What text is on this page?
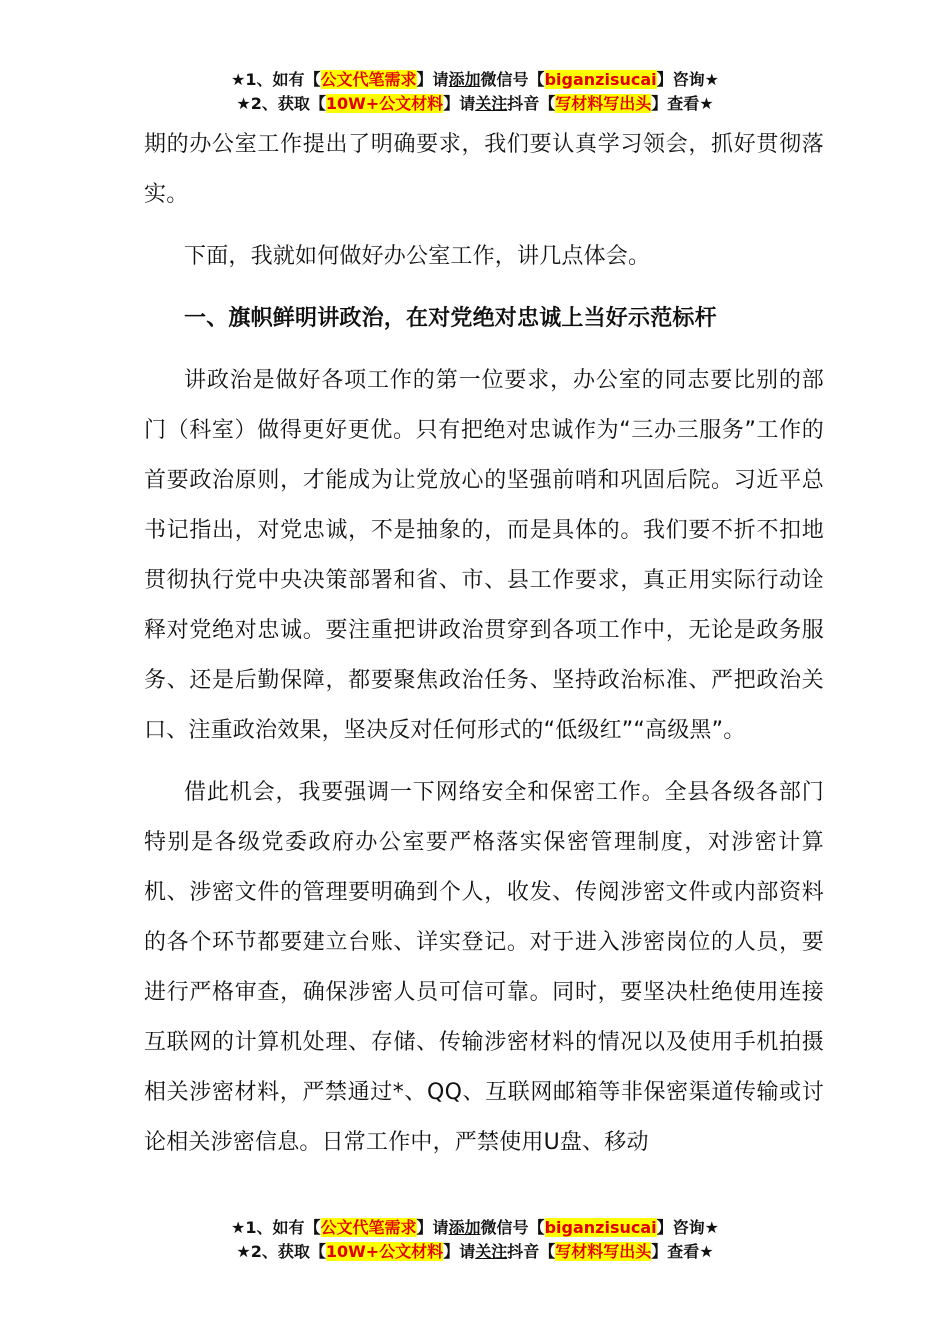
★1、如有【公文代笔需求】请添加微信号【biganzisucai】咨询★
★2、获取【10W+公文材料】请关注抖音【写材料写出头】查看★

期的办公室工作提出了明确要求，我们要认真学习领会，抓好贯彻落实。

下面，我就如何做好办公室工作，讲几点体会。

一、旗帜鲜明讲政治，在对党绝对忠诚上当好示范标杆

讲政治是做好各项工作的第一位要求，办公室的同志要比别的部门（科室）做得更好更优。只有把绝对忠诚作为“三办三服务”工作的首要政治原则，才能成为让党放心的坚强前哨和巩固后院。习近平总书记指出，对党忠诚，不是抽象的，而是具体的。我们要不折不扣地贯彻执行党中央决策部署和省、市、县工作要求，真正用实际行动诠释对党绝对忠诚。要注重把讲政治贯穿到各项工作中，无论是政务服务、还是后勤保障，都要聚焦政治任务、坚持政治标准、严把政治关口、注重政治效果，坚决反对任何形式的“低级红”“高级黑”。

借此机会，我要强调一下网络安全和保密工作。全县各级各部门特别是各级党委政府办公室要严格落实保密管理制度，对涉密计算机、涉密文件的管理要明确到个人，收发、传阅涉密文件或内部资料的各个环节都要建立台账、详实登记。对于进入涉密岗位的人员，要进行严格审查，确保涉密人员可信可靠。同时，要坚决杜绝使用连接互联网的计算机处理、存储、传输涉密材料的情况以及使用手机拍摄相关涉密材料，严禁通过*、QQ、互联网邮箱等非保密渠道传输或讨论相关涉密信息。日常工作中，严禁使用U盘、移动

★1、如有【公文代笔需求】请添加微信号【biganzisucai】咨询★
★2、获取【10W+公文材料】请关注抖音【写材料写出头】查看★
